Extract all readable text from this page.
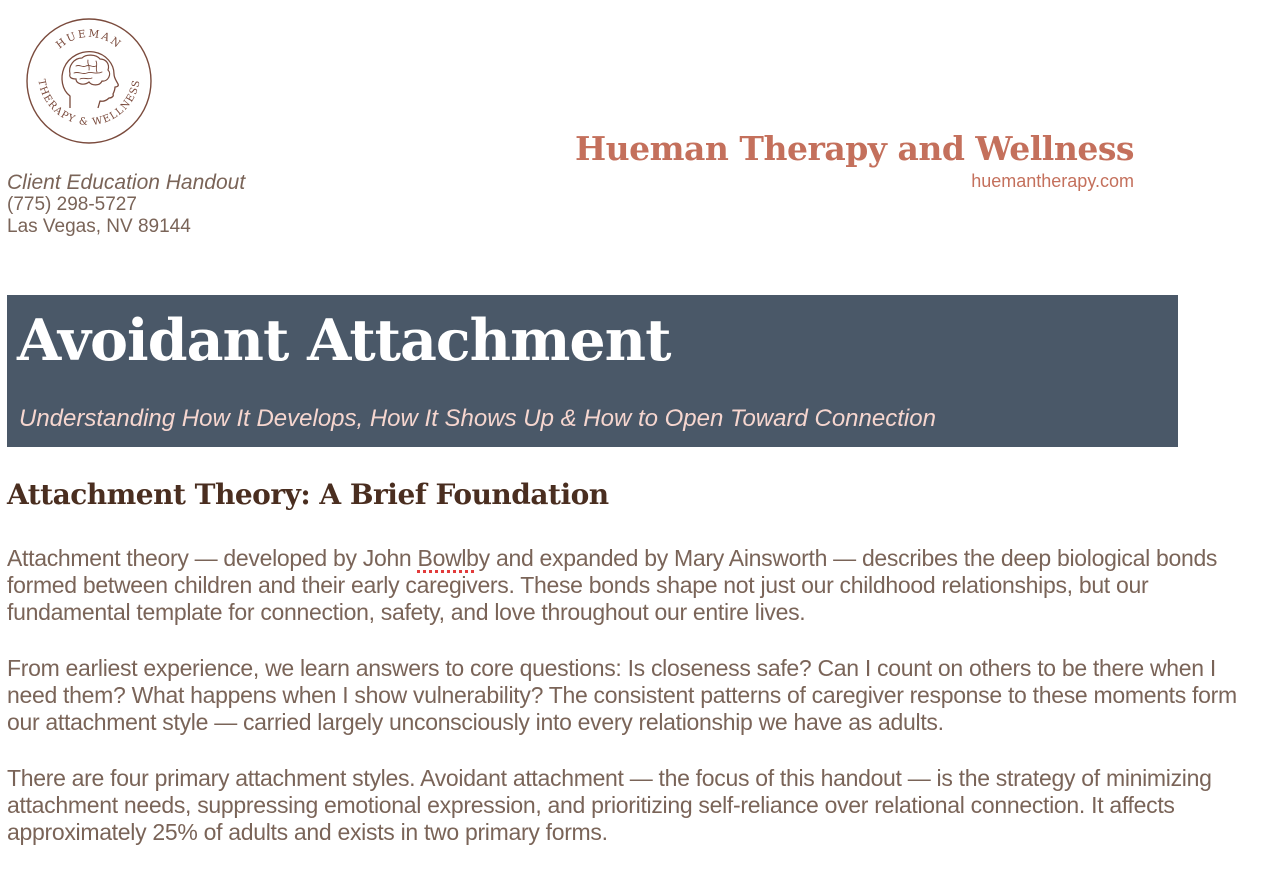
HUEMAN
THERAPY & WELLNESS
Client Education Handout
(775) 298-5727
Las Vegas, NV 89144
Hueman Therapy and Wellness
huemantherapy.com
Avoidant Attachment
Understanding How It Develops, How It Shows Up & How to Open Toward Connection
Attachment Theory: A Brief Foundation

Attachment theory — developed by John Bowlby and expanded by Mary Ainsworth — describes the deep biological bonds formed between children and their early caregivers. These bonds shape not just our childhood relationships, but our fundamental template for connection, safety, and love throughout our entire lives.

From earliest experience, we learn answers to core questions: Is closeness safe? Can I count on others to be there when I need them? What happens when I show vulnerability? The consistent patterns of caregiver response to these moments form our attachment style — carried largely unconsciously into every relationship we have as adults.

There are four primary attachment styles. Avoidant attachment — the focus of this handout — is the strategy of minimizing attachment needs, suppressing emotional expression, and prioritizing self-reliance over relational connection. It affects approximately 25% of adults and exists in two primary forms.
